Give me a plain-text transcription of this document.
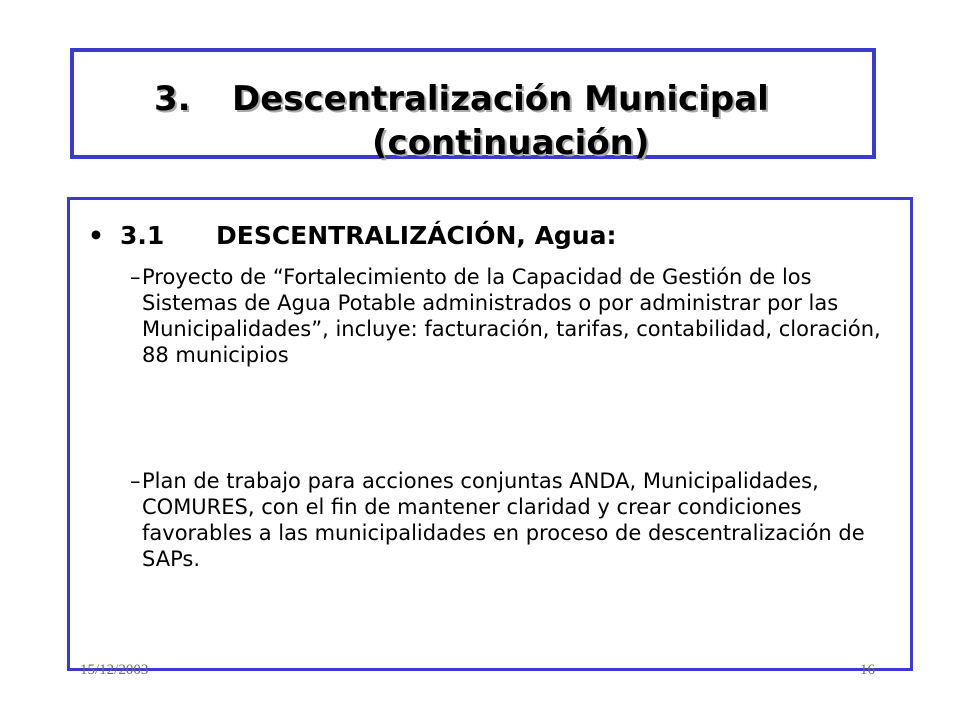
3. Descentralización Municipal
(continuación)
• 3.1 DESCENTRALIZÁCIÓN, Agua:
– Proyecto de “Fortalecimiento de la Capacidad de Gestión de los Sistemas de Agua Potable administrados o por administrar por las Municipalidades”, incluye: facturación, tarifas, contabilidad, cloración, 88 municipios
– Plan de trabajo para acciones conjuntas ANDA, Municipalidades, COMURES, con el fin de mantener claridad y crear condiciones favorables a las municipalidades en proceso de descentralización de SAPs.
15/12/2003	16
